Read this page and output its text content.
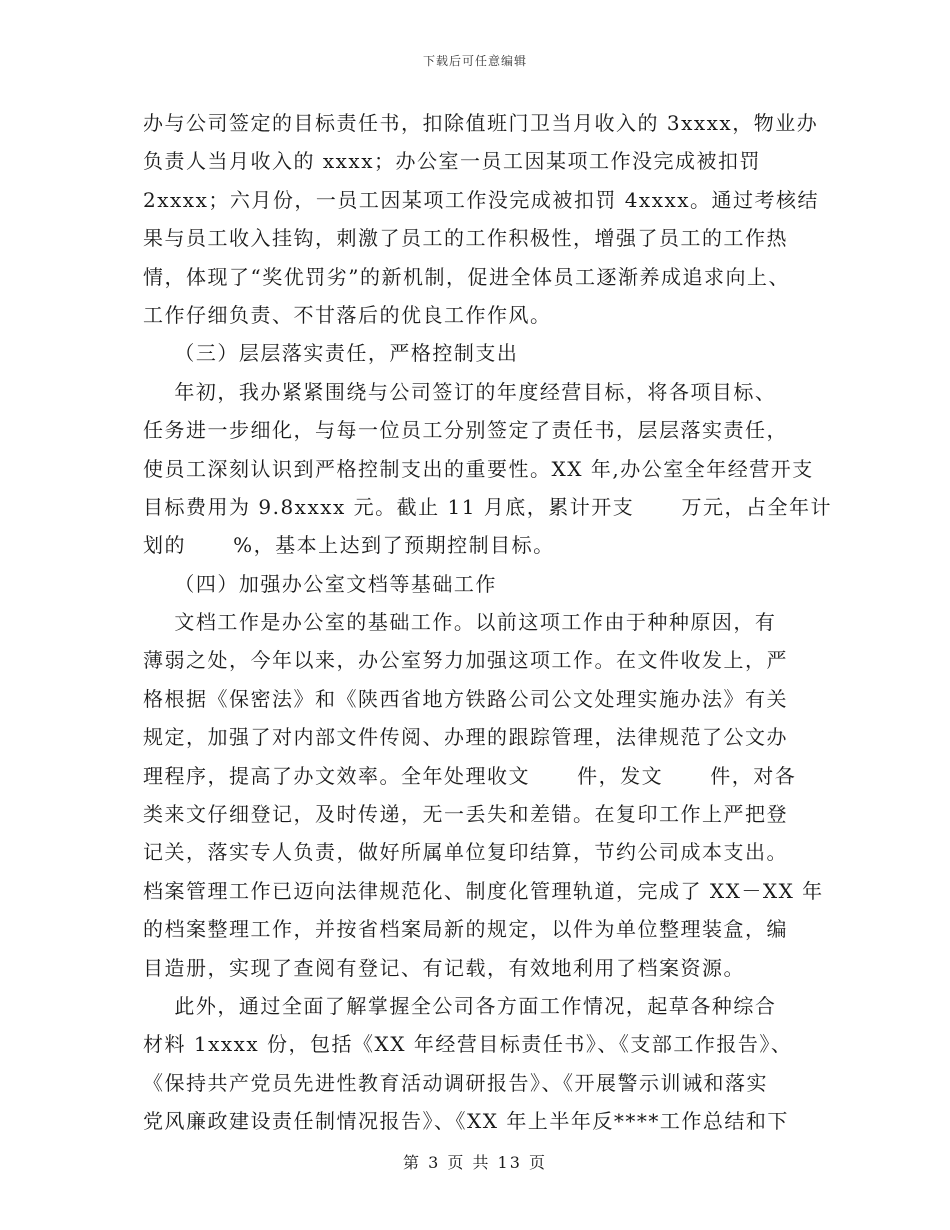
下载后可任意编辑
办与公司签定的目标责任书，扣除值班门卫当月收入的 3xxxx，物业办
负责人当月收入的 xxxx；办公室一员工因某项工作没完成被扣罚
2xxxx；六月份，一员工因某项工作没完成被扣罚 4xxxx。通过考核结
果与员工收入挂钩，刺激了员工的工作积极性，增强了员工的工作热
情，体现了“奖优罚劣”的新机制，促进全体员工逐渐养成追求向上、
工作仔细负责、不甘落后的优良工作作风。
（三）层层落实责任，严格控制支出
年初，我办紧紧围绕与公司签订的年度经营目标，将各项目标、
任务进一步细化，与每一位员工分别签定了责任书，层层落实责任，
使员工深刻认识到严格控制支出的重要性。XX 年,办公室全年经营开支
目标费用为 9.8xxxx 元。截止 11 月底，累计开支      万元，占全年计
划的      %，基本上达到了预期控制目标。
（四）加强办公室文档等基础工作
文档工作是办公室的基础工作。以前这项工作由于种种原因，有
薄弱之处，今年以来，办公室努力加强这项工作。在文件收发上，严
格根据《保密法》和《陕西省地方铁路公司公文处理实施办法》有关
规定，加强了对内部文件传阅、办理的跟踪管理，法律规范了公文办
理程序，提高了办文效率。全年处理收文      件，发文      件，对各
类来文仔细登记，及时传递，无一丢失和差错。在复印工作上严把登
记关，落实专人负责，做好所属单位复印结算，节约公司成本支出。
档案管理工作已迈向法律规范化、制度化管理轨道，完成了 XX－XX 年
的档案整理工作，并按省档案局新的规定，以件为单位整理装盒，编
目造册，实现了查阅有登记、有记载，有效地利用了档案资源。
此外，通过全面了解掌握全公司各方面工作情况，起草各种综合
材料 1xxxx 份，包括《XX 年经营目标责任书》、《支部工作报告》、
《保持共产党员先进性教育活动调研报告》、《开展警示训诫和落实
党风廉政建设责任制情况报告》、《XX 年上半年反****工作总结和下
第 3 页 共 13 页
